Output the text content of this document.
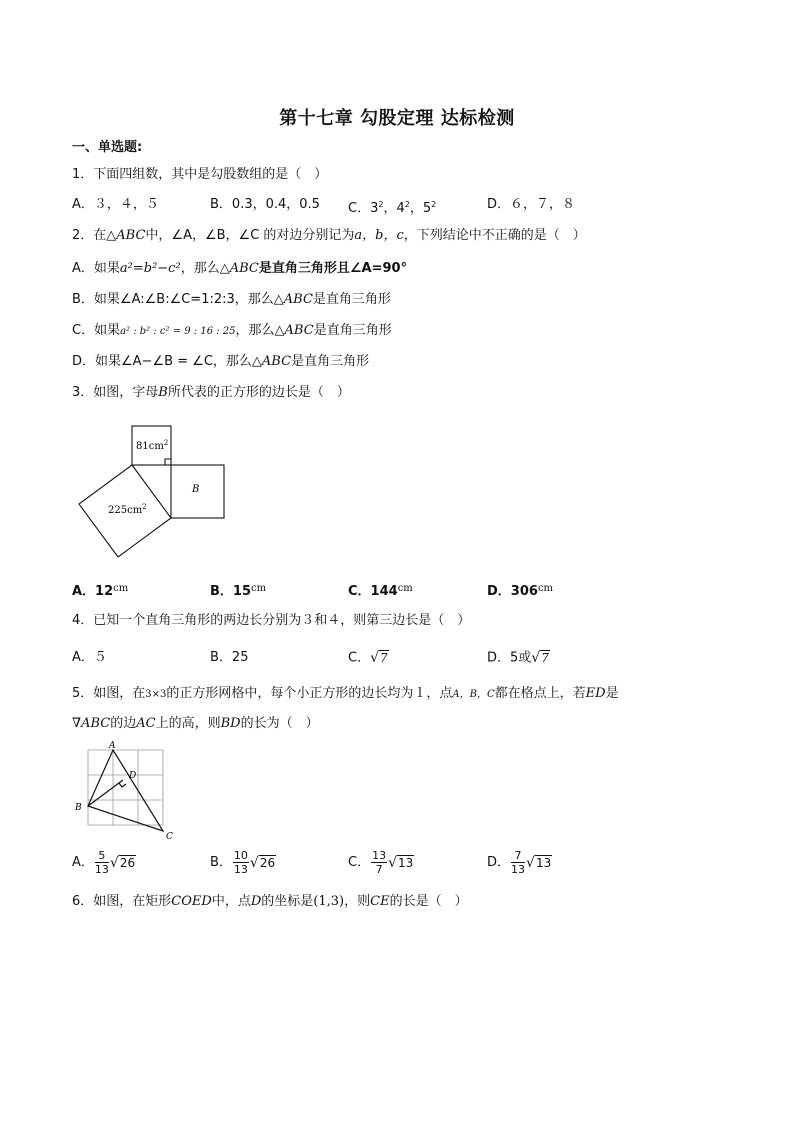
第十七章 勾股定理 达标检测
一、单选题:
1．下面四组数，其中是勾股数组的是（　）
A．３，４，５	B．0.3，0.4，0.5 C．$3^2$，$4^2$，$5^2$	D．６，７，８
2．在△ABC中，∠A，∠B，∠C 的对边分别记为a，b，c，下列结论中不正确的是（　）
A．如果a²=b²−c²，那么△ABC是直角三角形且∠A=90°
B．如果∠A:∠B:∠C=1:2:3，那么△ABC是直角三角形
C．如果a² : b² : c² = 9 : 16 : 25，那么△ABC是直角三角形
D．如果∠A−∠B = ∠C，那么△ABC是直角三角形
3．如图，字母B所代表的正方形的边长是（　）
$81cm^2$
$225cm^2$
B
A．$12^{cm}$	B．$15^{cm}$	C．$144^{cm}$	D．$306^{cm}$
4．已知一个直角三角形的两边长分别为３和４，则第三边长是（　）
A．５	B．25	C．√7	D．5或√7
5．如图，在3×3的正方形网格中，每个小正方形的边长均为１，点A，B，C都在格点上，若ED是
∇ABC的边AC上的高，则BD的长为（　）
A
B
C
D
A． $\frac{5}{13} √26$	B． $\frac{10}{13} √26$	C． $\frac{13}{7} √13$	D． $\frac{7}{13} √13$
6．如图，在矩形COED中，点D的坐标是(1,3)，则CE的长是（　）
